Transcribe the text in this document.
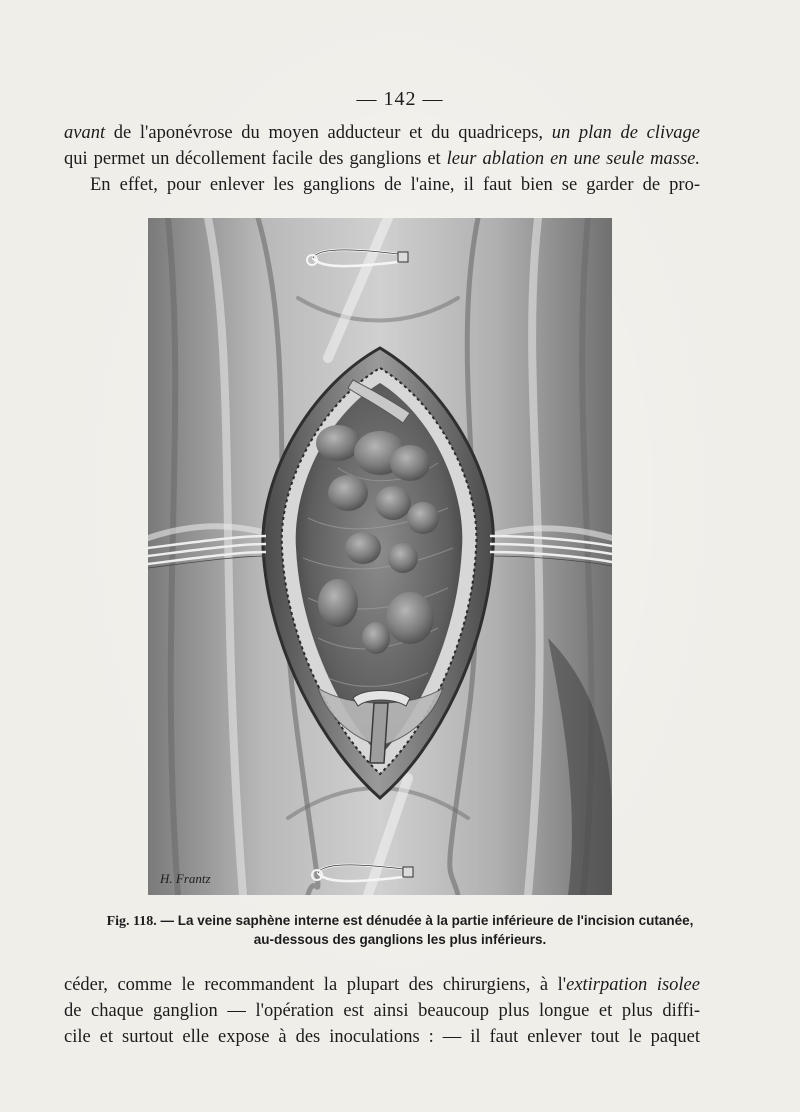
— 142 —

avant de l'aponévrose du moyen adducteur et du quadriceps, un plan de clivage
qui permet un décollement facile des ganglions et leur ablation en une seule masse.
En effet, pour enlever les ganglions de l'aine, il faut bien se garder de pro-

H. Frantz
Fig. 118. — La veine saphène interne est dénudée à la partie inférieure de l'incision cutanée,
au-dessous des ganglions les plus inférieurs.

céder, comme le recommandent la plupart des chirurgiens, à l'extirpation isolee
de chaque ganglion — l'opération est ainsi beaucoup plus longue et plus diffi-
cile et surtout elle expose à des inoculations : — il faut enlever tout le paquet
